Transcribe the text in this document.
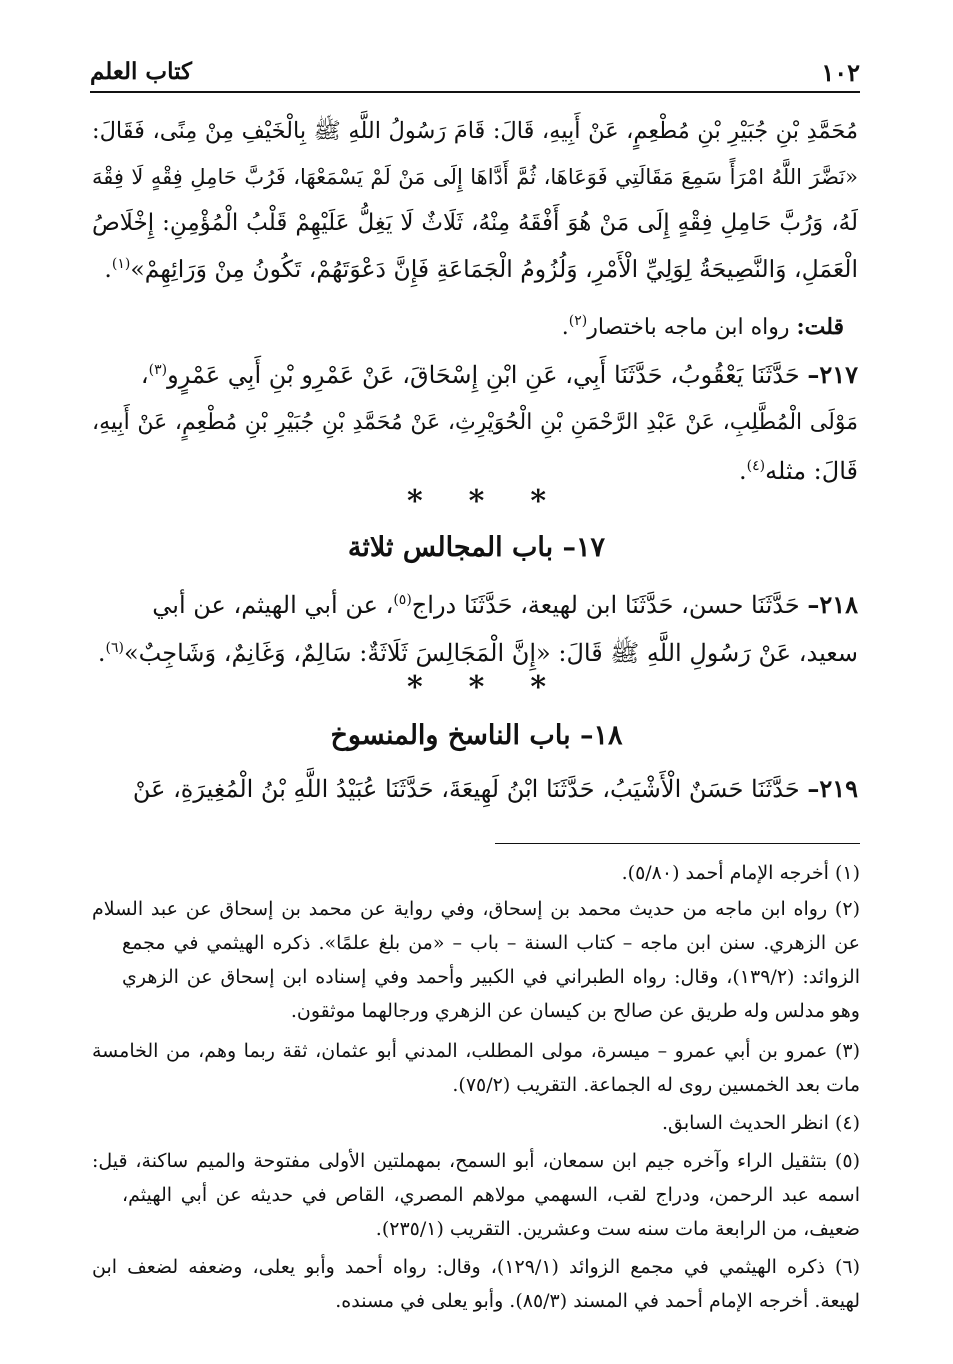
١٠٢
كتاب العلم
مُحَمَّدِ بْنِ جُبَيْرِ بْنِ مُطْعِمٍ، عَنْ أَبِيهِ، قَالَ: قَامَ رَسُولُ اللَّهِ ﷺ بِالْخَيْفِ مِنْ مِنًى، فَقَالَ:
«نَضَّرَ اللَّهُ امْرَأً سَمِعَ مَقَالَتِي فَوَعَاهَا، ثُمَّ أَدَّاهَا إِلَى مَنْ لَمْ يَسْمَعْهَا، فَرُبَّ حَامِلِ فِقْهٍ لَا فِقْهَ
لَهُ، وَرُبَّ حَامِلِ فِقْهٍ إِلَى مَنْ هُوَ أَفْقَهُ مِنْهُ، ثَلَاثٌ لَا يَغِلُّ عَلَيْهِمْ قَلْبُ الْمُؤْمِنِ: إِخْلَاصُ
الْعَمَلِ، وَالنَّصِيحَةُ لِوَلِيِّ الْأَمْرِ، وَلُزُومُ الْجَمَاعَةِ فَإِنَّ دَعْوَتَهُمْ، تَكُونُ مِنْ وَرَائِهِمْ»$^{(١)}$.
قلت: رواه ابن ماجه باختصار$^{(٢)}$.
٢١٧– حَدَّثَنَا يَعْقُوبُ، حَدَّثَنَا أَبِي، عَنِ ابْنِ إِسْحَاقَ، عَنْ عَمْرِو بْنِ أَبِي عَمْرٍو$^{(٣)}$،
مَوْلَى الْمُطَّلِبِ، عَنْ عَبْدِ الرَّحْمَنِ بْنِ الْحُوَيْرِثِ، عَنْ مُحَمَّدِ بْنِ جُبَيْرِ بْنِ مُطْعِمٍ، عَنْ أَبِيهِ،
قَالَ: مثله$^{(٤)}$.
***
١٧– باب المجالس ثلاثة
٢١٨– حَدَّثَنَا حسن، حَدَّثَنَا ابن لهيعة، حَدَّثَنَا دراج$^{(٥)}$، عن أبي الهيثم، عن أبي
سعيد، عَنْ رَسُولِ اللَّهِ ﷺ قَالَ: «إِنَّ الْمَجَالِسَ ثَلَاثَةٌ: سَالِمٌ، وَغَانِمٌ، وَشَاجِبٌ»$^{(٦)}$.
***
١٨– باب الناسخ والمنسوخ
٢١٩– حَدَّثَنَا حَسَنٌ الْأَشْيَبُ، حَدَّثَنَا ابْنُ لَهِيعَةَ، حَدَّثَنَا عُبَيْدُ اللَّهِ بْنُ الْمُغِيرَةِ، عَنْ
(١) أخرجه الإمام أحمد (٥/٨٠).
(٢) رواه ابن ماجه من حديث محمد بن إسحاق، وفي رواية عن محمد بن إسحاق عن عبد السلام
عن الزهري. سنن ابن ماجه – كتاب السنة – باب – «من بلغ علمًا». ذكره الهيثمي في مجمع
الزوائد: (١٣٩/٢)، وقال: رواه الطبراني في الكبير وأحمد وفي إسناده ابن إسحاق عن الزهري
وهو مدلس وله طريق عن صالح بن كيسان عن الزهري ورجالهما موثقون.
(٣) عمرو بن أبي عمرو – ميسرة، مولى المطلب، المدني أبو عثمان، ثقة ربما وهم، من الخامسة
مات بعد الخمسين روى له الجماعة. التقريب (٧٥/٢).
(٤) انظر الحديث السابق.
(٥) بتثقيل الراء وآخره جيم ابن سمعان، أبو السمح، بمهملتين الأولى مفتوحة والميم ساكنة، قيل:
اسمه عبد الرحمن، ودراج لقب، السهمي مولاهم المصري، القاص في حديثه عن أبي الهيثم،
ضعيف، من الرابعة مات سنه ست وعشرين. التقريب (٢٣٥/١).
(٦) ذكره الهيثمي في مجمع الزوائد (١٢٩/١)، وقال: رواه أحمد وأبو يعلى، وضعفه لضعف ابن
لهيعة. أخرجه الإمام أحمد في المسند (٨٥/٣). وأبو يعلى في مسنده.
